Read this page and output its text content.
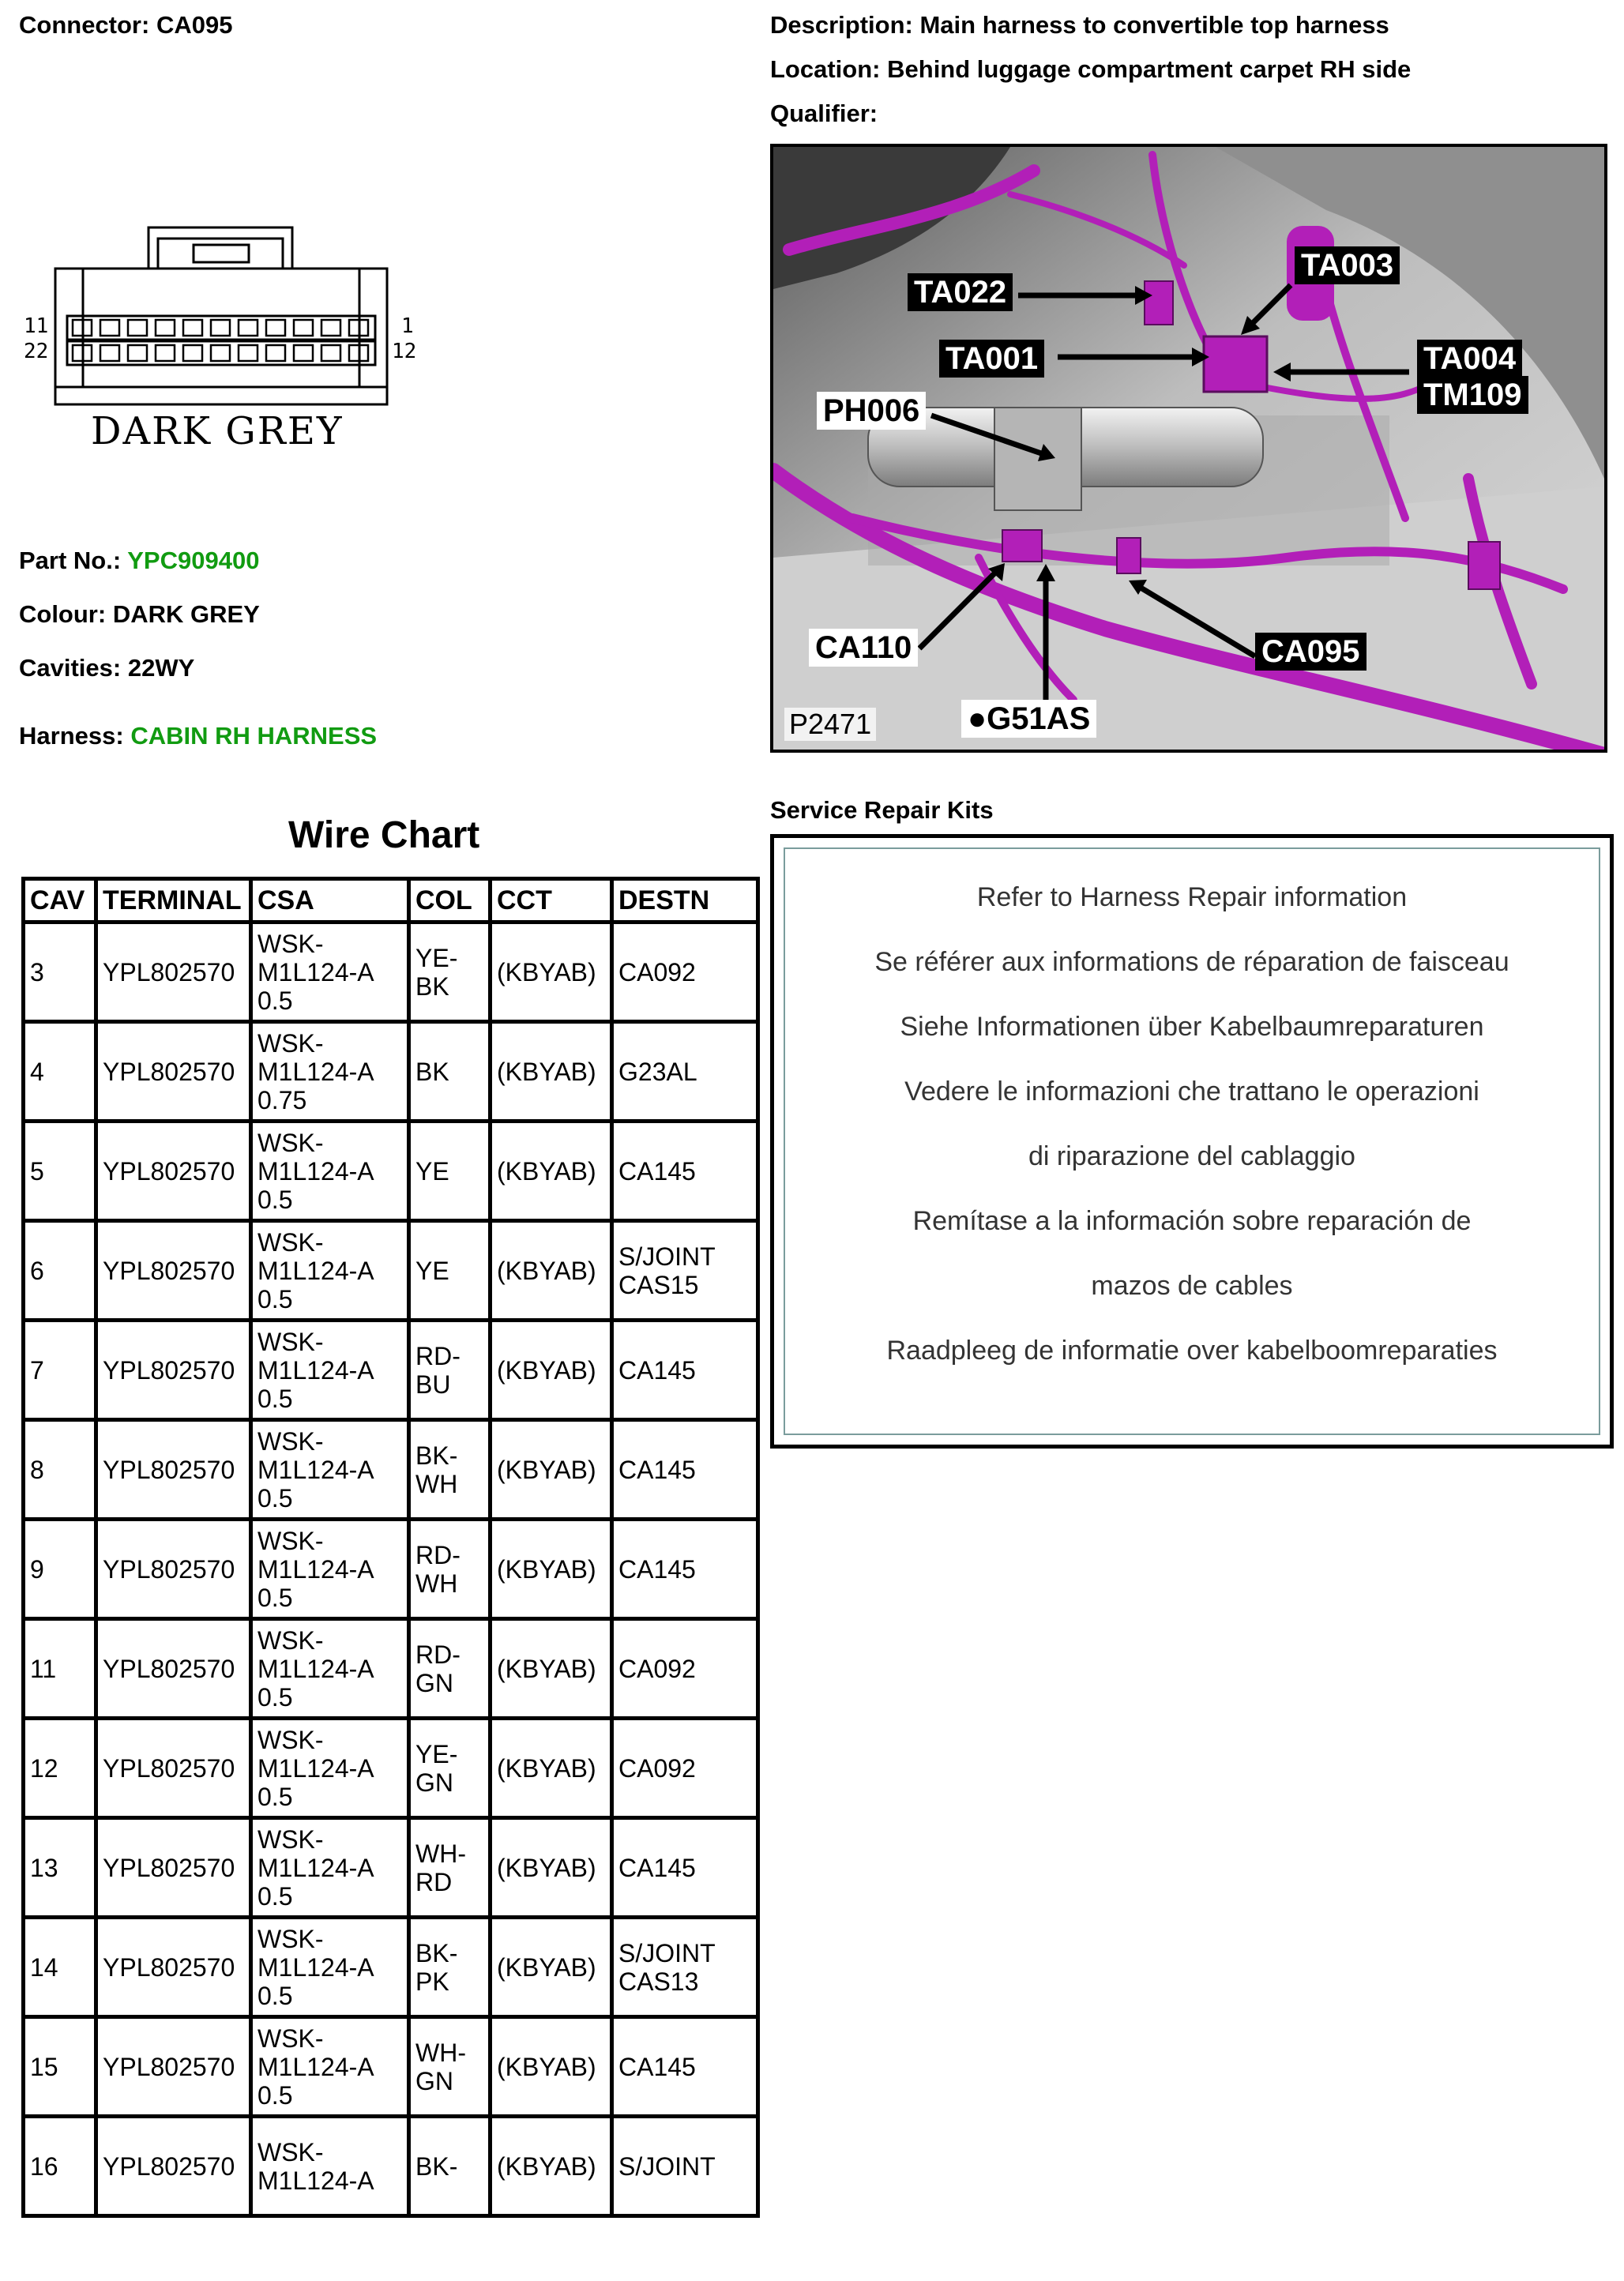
Connector: CA095	Description: Main harness to convertible top harness
Location: Behind luggage compartment carpet RH side
Qualifier:
11
22
1
12
DARK GREY
Part No.: YPC909400
Colour: DARK GREY
Cavities: 22WY
Harness: CABIN RH HARNESS
TA022
TA003
TA001	TA004
TM109
PH006
CA110	CA095
●G51AS
P2471
Service Repair Kits
Refer to Harness Repair information
Se référer aux informations de réparation de faisceau
Siehe Informationen über Kabelbaumreparaturen
Vedere le informazioni che trattano le operazioni
di riparazione del cablaggio
Remítase a la información sobre reparación de
mazos de cables
Raadpleeg de informatie over kabelboomreparaties
Wire Chart
CAV	TERMINAL	CSA	COL	CCT	DESTN
3	YPL802570	WSK-
M1L124-A
0.5	YE-
BK	(KBYAB)	CA092
4	YPL802570	WSK-
M1L124-A
0.75	BK	(KBYAB)	G23AL
5	YPL802570	WSK-
M1L124-A
0.5	YE	(KBYAB)	CA145
6	YPL802570	WSK-
M1L124-A
0.5	YE	(KBYAB)	S/JOINT
CAS15
7	YPL802570	WSK-
M1L124-A
0.5	RD-
BU	(KBYAB)	CA145
8	YPL802570	WSK-
M1L124-A
0.5	BK-
WH	(KBYAB)	CA145
9	YPL802570	WSK-
M1L124-A
0.5	RD-
WH	(KBYAB)	CA145
11	YPL802570	WSK-
M1L124-A
0.5	RD-
GN	(KBYAB)	CA092
12	YPL802570	WSK-
M1L124-A
0.5	YE-
GN	(KBYAB)	CA092
13	YPL802570	WSK-
M1L124-A
0.5	WH-
RD	(KBYAB)	CA145
14	YPL802570	WSK-
M1L124-A
0.5	BK-
PK	(KBYAB)	S/JOINT
CAS13
15	YPL802570	WSK-
M1L124-A
0.5	WH-
GN	(KBYAB)	CA145
16	YPL802570	WSK-
M1L124-A	BK-	(KBYAB)	S/JOINT
